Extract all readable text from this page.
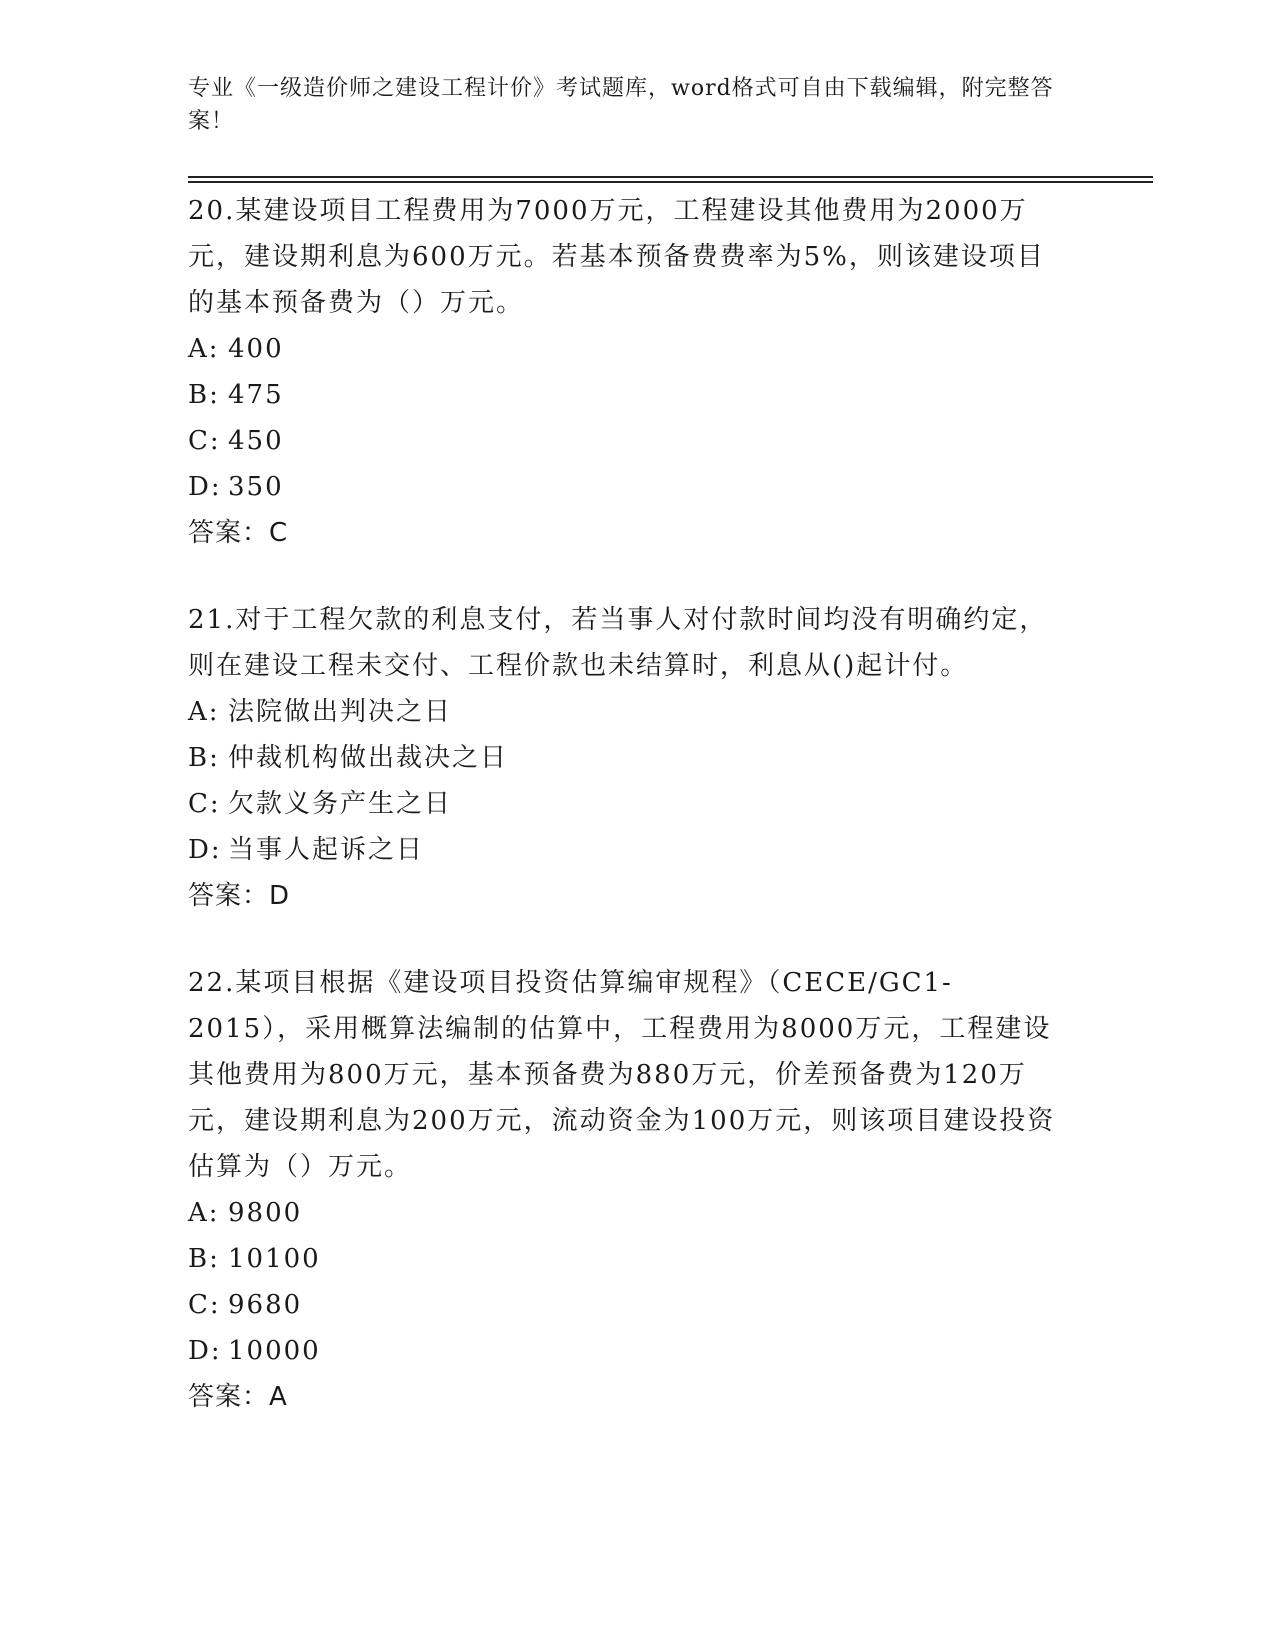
专业《一级造价师之建设工程计价》考试题库，word格式可自由下载编辑，附完整答案！
20.某建设项目工程费用为7000万元，工程建设其他费用为2000万元，建设期利息为600万元。若基本预备费费率为5%，则该建设项目的基本预备费为（）万元。
A: 400
B: 475
C: 450
D: 350
答案：C
21.对于工程欠款的利息支付，若当事人对付款时间均没有明确约定，则在建设工程未交付、工程价款也未结算时，利息从()起计付。
A: 法院做出判决之日
B: 仲裁机构做出裁决之日
C: 欠款义务产生之日
D: 当事人起诉之日
答案：D
22.某项目根据《建设项目投资估算编审规程》（CECE/GC1-2015），采用概算法编制的估算中，工程费用为8000万元，工程建设其他费用为800万元，基本预备费为880万元，价差预备费为120万元，建设期利息为200万元，流动资金为100万元，则该项目建设投资估算为（）万元。
A: 9800
B: 10100
C: 9680
D: 10000
答案：A
